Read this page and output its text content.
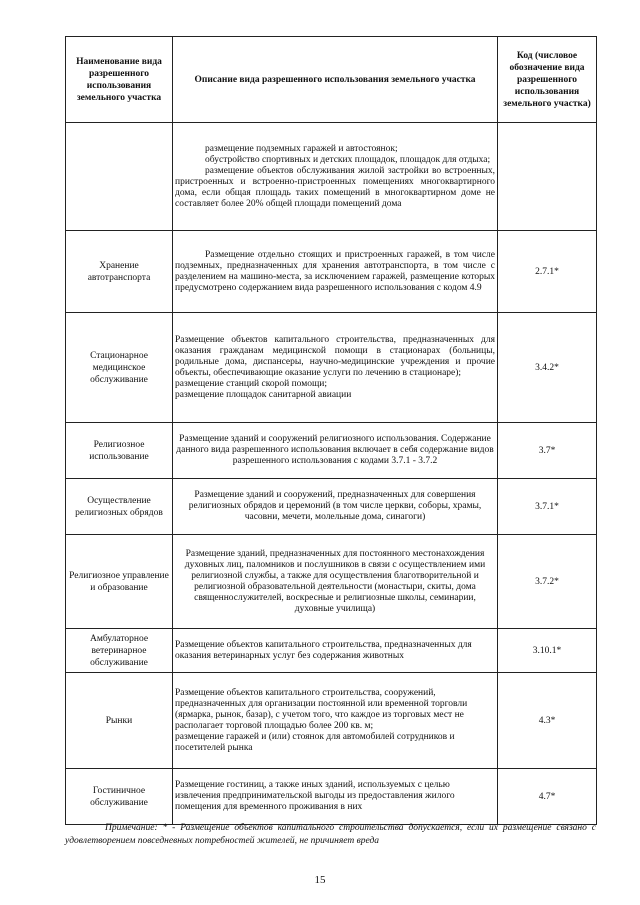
Наименование вида разрешенного использования земельного участка	Описание вида разрешенного использования земельного участка	Код (числовое обозначение вида разрешенного использования земельного участка)

	размещение подземных гаражей и автостоянок;

обустройство спортивных и детских площадок, площадок для отдыха;

размещение объектов обслуживания жилой застройки во встроенных, пристроенных и встроенно-пристроенных помещениях многоквартирного дома, если общая площадь таких помещений в многоквартирном доме не составляет более 20% общей площади помещений дома	

Хранение автотранспорта	Размещение отдельно стоящих и пристроенных гаражей, в том числе подземных, предназначенных для хранения автотранспорта, в том числе с разделением на машино-места, за исключением гаражей, размещение которых предусмотрено содержанием вида разрешенного использования с кодом 4.9	2.7.1*
Стационарное медицинское обслуживание	Размещение объектов капитального строительства, предназначенных для оказания гражданам медицинской помощи в стационарах (больницы, родильные дома, диспансеры, научно-медицинские учреждения и прочие объекты, обеспечивающие оказание услуги по лечению в стационаре);

размещение станций скорой помощи;

размещение площадок санитарной авиации	3.4.2*
Религиозное использование	Размещение зданий и сооружений религиозного использования. Содержание данного вида разрешенного использования включает в себя содержание видов разрешенного использования с кодами 3.7.1 - 3.7.2	3.7*
Осуществление религиозных обрядов	Размещение зданий и сооружений, предназначенных для совершения религиозных обрядов и церемоний (в том числе церкви, соборы, храмы, часовни, мечети, молельные дома, синагоги)	3.7.1*
Религиозное управление и образование	Размещение зданий, предназначенных для постоянного местонахождения духовных лиц, паломников и послушников в связи с осуществлением ими религиозной службы, а также для осуществления благотворительной и религиозной образовательной деятельности (монастыри, скиты, дома священнослужителей, воскресные и религиозные школы, семинарии, духовные училища)	3.7.2*
Амбулаторное ветеринарное обслуживание	Размещение объектов капитального строительства, предназначенных для оказания ветеринарных услуг без содержания животных	3.10.1*
Рынки	Размещение объектов капитального строительства, сооружений, предназначенных для организации постоянной или временной торговли (ярмарка, рынок, базар), с учетом того, что каждое из торговых мест не располагает торговой площадью более 200 кв. м;

размещение гаражей и (или) стоянок для автомобилей сотрудников и посетителей рынка	4.3*
Гостиничное обслуживание	Размещение гостиниц, а также иных зданий, используемых с целью извлечения предпринимательской выгоды из предоставления жилого помещения для временного проживания в них	4.7*

Примечание: * - Размещение объектов капитального строительства допускается, если их размещение связано с удовлетворением повседневных потребностей жителей, не причиняет вреда

15
